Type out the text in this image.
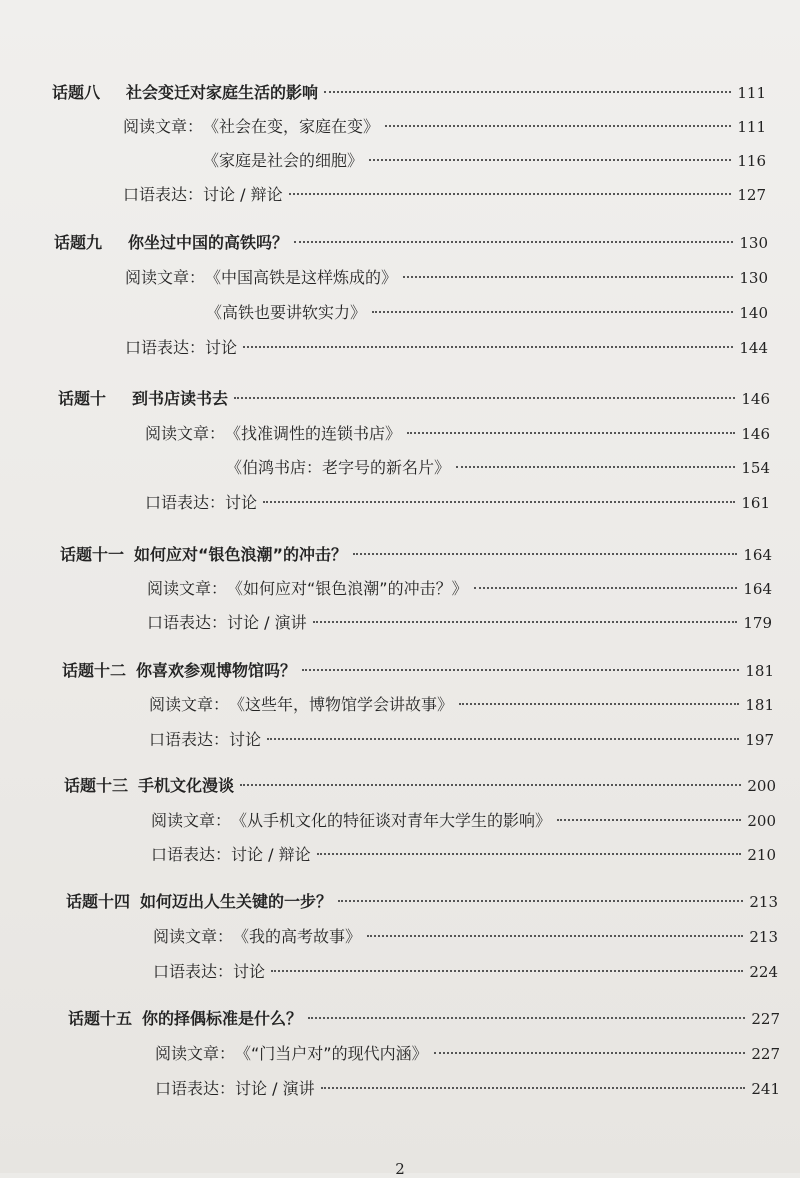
话题八	社会变迁对家庭生活的影响	111
阅读文章： 《社会在变，家庭在变》	111
《家庭是社会的细胞》	116
口语表达： 讨论 / 辩论	127
话题九	你坐过中国的高铁吗？	130
阅读文章： 《中国高铁是这样炼成的》	130
《高铁也要讲软实力》	140
口语表达： 讨论	144
话题十	到书店读书去	146
阅读文章： 《找准调性的连锁书店》	146
《伯鸿书店：老字号的新名片》	154
口语表达： 讨论	161
话题十一 如何应对“银色浪潮”的冲击？	164
阅读文章： 《如何应对“银色浪潮”的冲击？》	164
口语表达： 讨论 / 演讲	179
话题十二 你喜欢参观博物馆吗？	181
阅读文章： 《这些年，博物馆学会讲故事》	181
口语表达： 讨论	197
话题十三 手机文化漫谈	200
阅读文章： 《从手机文化的特征谈对青年大学生的影响》	200
口语表达： 讨论 / 辩论	210
话题十四 如何迈出人生关键的一步？	213
阅读文章： 《我的高考故事》	213
口语表达： 讨论	224
话题十五 你的择偶标准是什么？	227
阅读文章： 《“门当户对”的现代内涵》	227
口语表达： 讨论 / 演讲	241
2
